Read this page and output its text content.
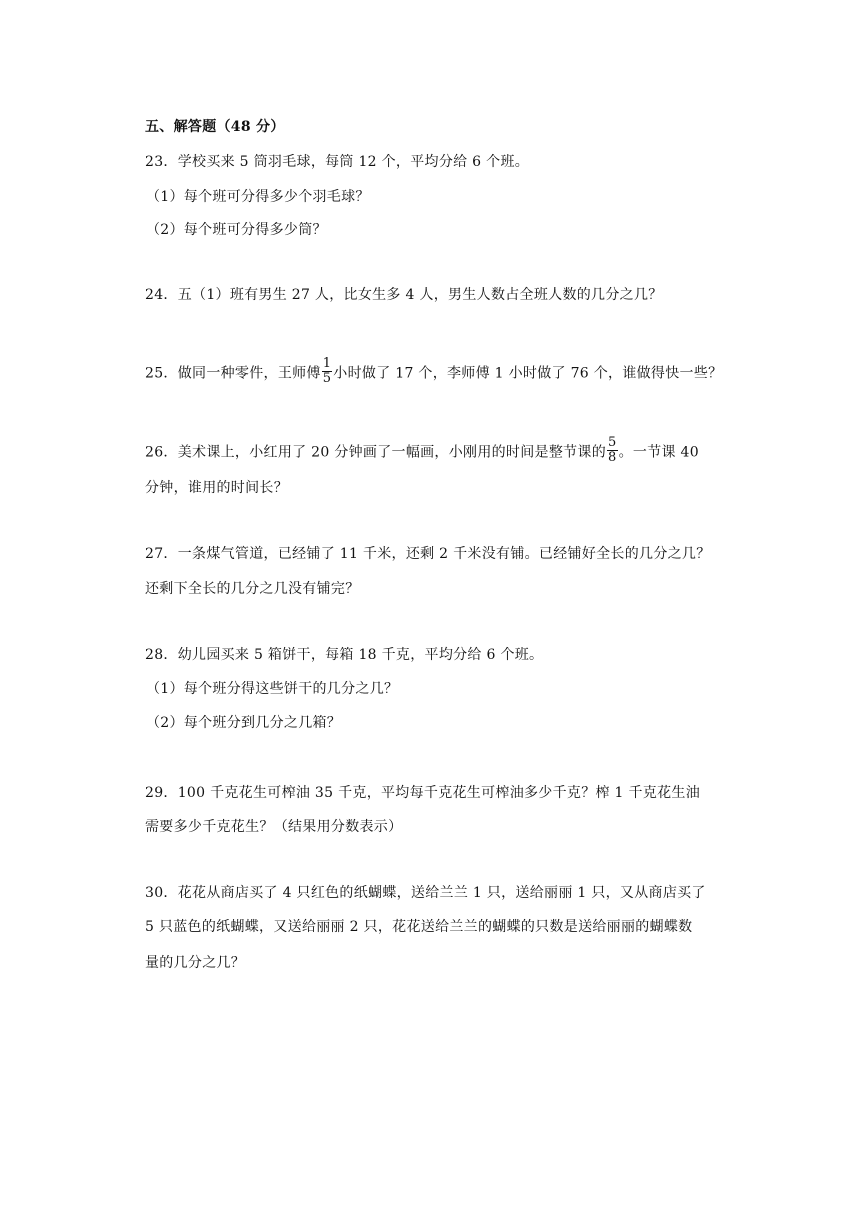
五、解答题（48 分）
23．学校买来 5 筒羽毛球，每筒 12 个，平均分给 6 个班。
（1）每个班可分得多少个羽毛球？
（2）每个班可分得多少筒？
24．五（1）班有男生 27 人，比女生多 4 人，男生人数占全班人数的几分之几？
25．做同一种零件，王师傅 $\frac{1}{5}$ 小时做了 17 个，李师傅 1 小时做了 76 个，谁做得快一些？
26．美术课上，小红用了 20 分钟画了一幅画，小刚用的时间是整节课的 $\frac{5}{8}$ 。一节课 40
分钟，谁用的时间长？
27．一条煤气管道，已经铺了 11 千米，还剩 2 千米没有铺。已经铺好全长的几分之几？
还剩下全长的几分之几没有铺完？
28．幼儿园买来 5 箱饼干，每箱 18 千克，平均分给 6 个班。
（1）每个班分得这些饼干的几分之几？
（2）每个班分到几分之几箱？
29．100 千克花生可榨油 35 千克，平均每千克花生可榨油多少千克？榨 1 千克花生油
需要多少千克花生？（结果用分数表示）
30．花花从商店买了 4 只红色的纸蝴蝶，送给兰兰 1 只，送给丽丽 1 只，又从商店买了
5 只蓝色的纸蝴蝶，又送给丽丽 2 只，花花送给兰兰的蝴蝶的只数是送给丽丽的蝴蝶数
量的几分之几？
